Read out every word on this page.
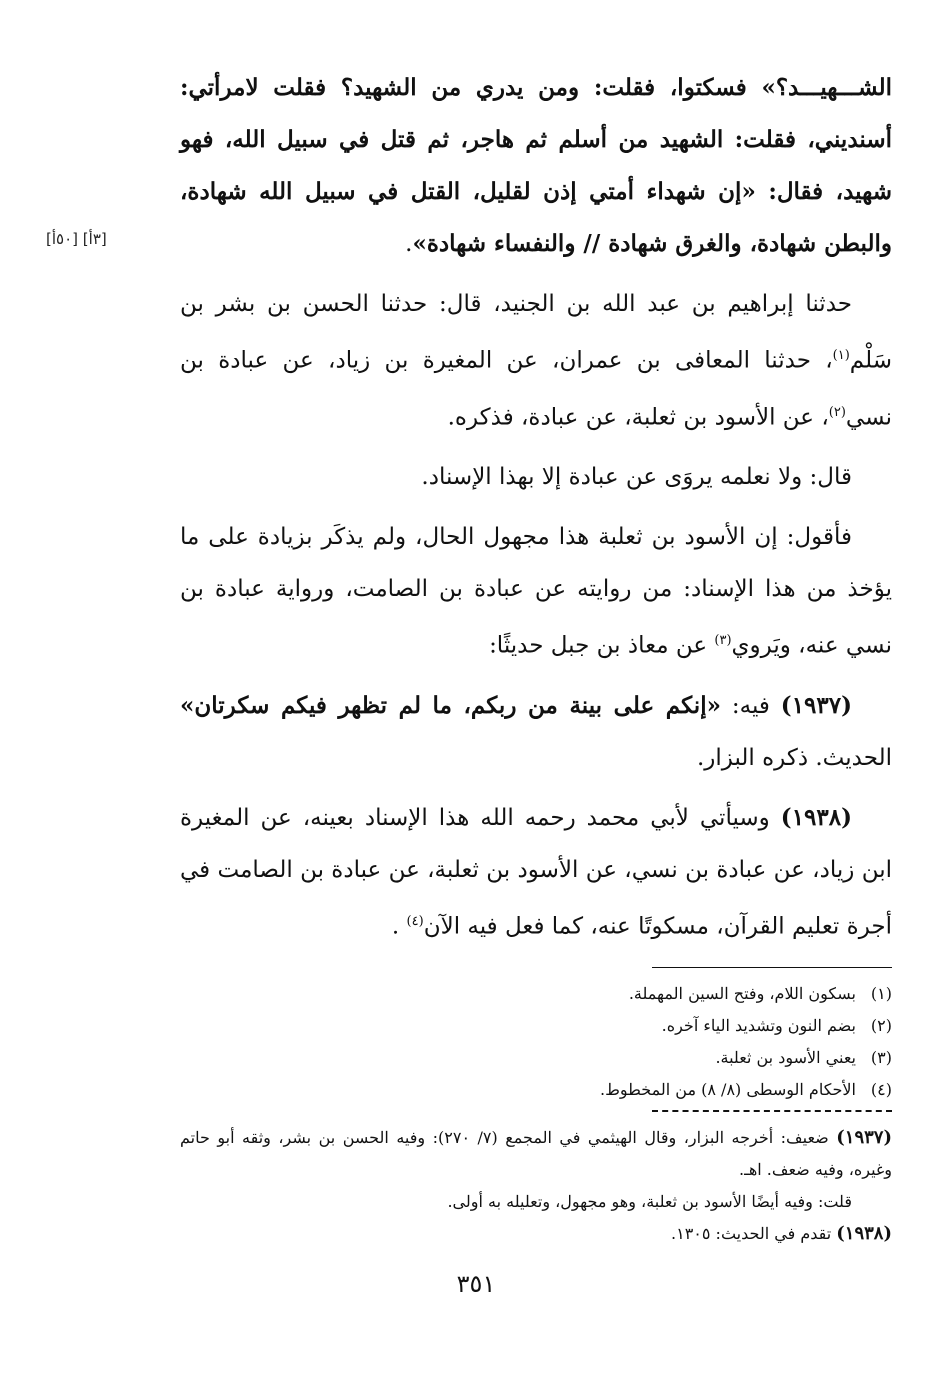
[٥٠أ] [٣أ]

الشـــهيـــد؟» فسكتوا، فقلت: ومن يدري من الشهيد؟ فقلت لامرأتي: أسنديني، فقلت: الشهيد من أسلم ثم هاجر، ثم قتل في سبيل الله، فهو شهيد، فقال: «إن شهداء أمتي إذن لقليل، القتل في سبيل الله شهادة، والبطن شهادة، والغرق شهادة // والنفساء شهادة».

حدثنا إبراهيم بن عبد الله بن الجنيد، قال: حدثنا الحسن بن بشر بن سَلْم$^{(١)}$، حدثنا المعافى بن عمران، عن المغيرة بن زياد، عن عبادة بن نسي$^{(٢)}$، عن الأسود بن ثعلبة، عن عبادة، فذكره.

قال: ولا نعلمه يروَى عن عبادة إلا بهذا الإسناد.

فأقول: إن الأسود بن ثعلبة هذا مجهول الحال، ولم يذكَر بزيادة على ما يؤخذ من هذا الإسناد: من روايته عن عبادة بن الصامت، ورواية عبادة بن نسي عنه، ويَروي$^{(٣)}$ عن معاذ بن جبل حديثًا:

(١٩٣٧) فيه: «إنكم على بينة من ربكم، ما لم تظهر فيكم سكرتان» الحديث. ذكره البزار.

(١٩٣٨) وسيأتي لأبي محمد رحمه الله هذا الإسناد بعينه، عن المغيرة ابن زياد، عن عبادة بن نسي، عن الأسود بن ثعلبة، عن عبادة بن الصامت في أجرة تعليم القرآن، مسكوتًا عنه، كما فعل فيه الآن$^{(٤)}$ .

(١)بسكون اللام، وفتح السين المهملة.
(٢)بضم النون وتشديد الياء آخره.
(٣)يعني الأسود بن ثعلبة.
(٤)الأحكام الوسطى (٨/ ٨) من المخطوط.

(١٩٣٧) ضعيف: أخرجه البزار، وقال الهيثمي في المجمع (٧/ ٢٧٠): وفيه الحسن بن بشر، وثقه أبو حاتم وغيره، وفيه ضعف. اهـ.

قلت: وفيه أيضًا الأسود بن ثعلبة، وهو مجهول، وتعليله به أولى.

(١٩٣٨) تقدم في الحديث: ١٣٠٥.

٣٥١
